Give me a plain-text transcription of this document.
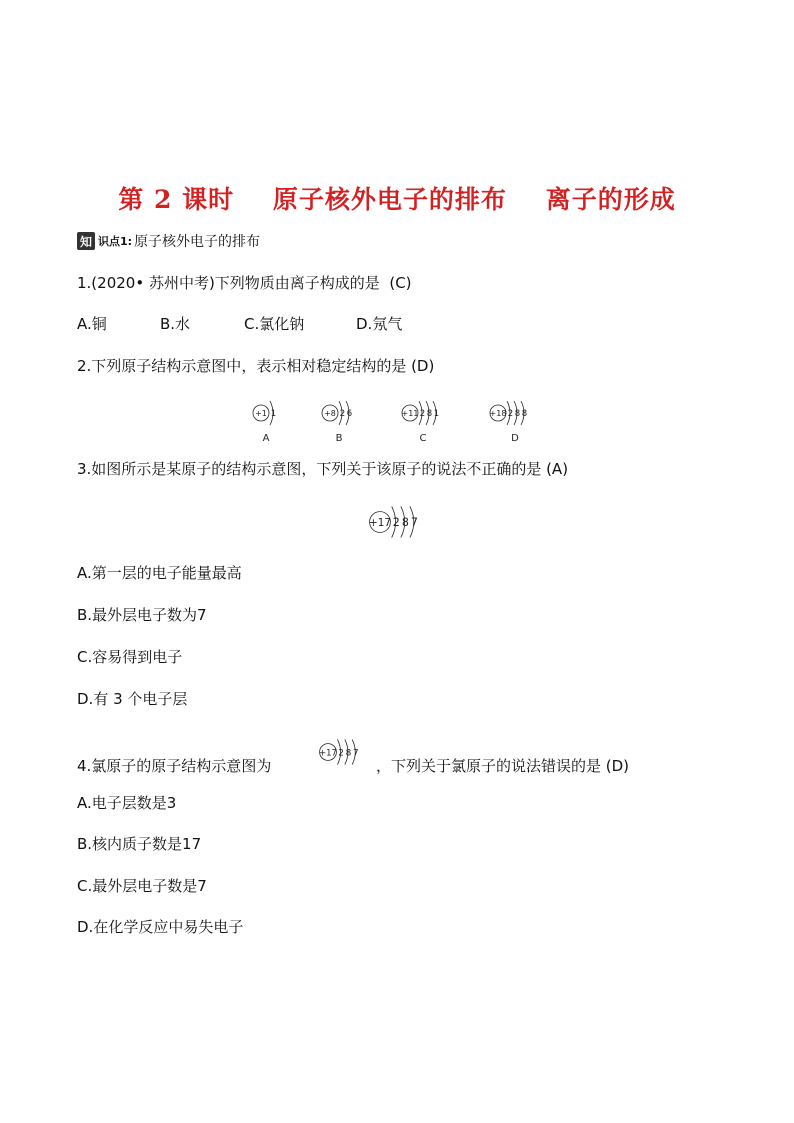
第 2 课时    原子核外电子的排布    离子的形成
知 识点1: 原子核外电子的排布
1.(2020• 苏州中考)下列物质由离子构成的是  (C)
A.铜	B.水	C.氯化钠	D.氖气
2.下列原子结构示意图中，表示相对稳定结构的是 (D)
+1 1
A
+8 2 6
B
+11 2 8 1
C
+18 2 8 8
D
3.如图所示是某原子的结构示意图，下列关于该原子的说法不正确的是 (A)
+17 2 8 7
A.第一层的电子能量最高
B.最外层电子数为7
C.容易得到电子
D.有 3 个电子层
4.氯原子的原子结构示意图为
+17 2 8 7
，下列关于氯原子的说法错误的是 (D)
A.电子层数是3
B.核内质子数是17
C.最外层电子数是7
D.在化学反应中易失电子
